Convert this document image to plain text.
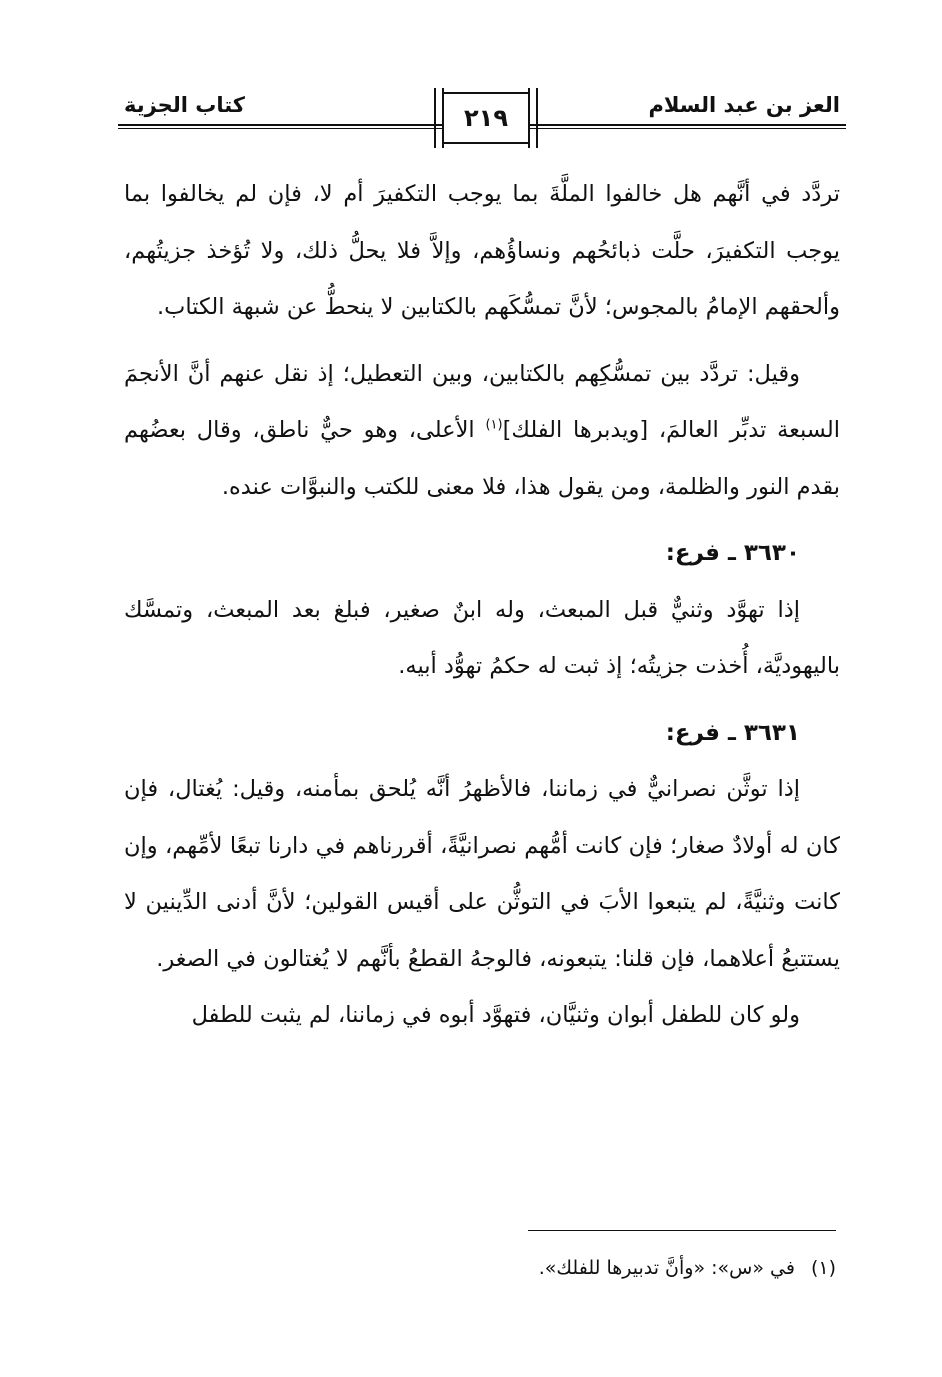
العز بن عبد السلام
كتاب الجزية	٢١٩

تردَّد في أنَّهم هل خالفوا الملَّةَ بما يوجب التكفيرَ أم لا، فإن لم يخالفوا بما يوجب التكفيرَ، حلَّت ذبائحُهم ونساؤُهم، وإلاَّ فلا يحلُّ ذلك، ولا تُؤخذ جزيتُهم، وألحقهم الإمامُ بالمجوس؛ لأنَّ تمسُّكَهم بالكتابين لا ينحطُّ عن شبهة الكتاب.

وقيل: تردَّد بين تمسُّكِهم بالكتابين، وبين التعطيل؛ إذ نقل عنهم أنَّ الأنجمَ السبعة تدبِّر العالمَ، [ويدبرها الفلك]$^{(١)}$ الأعلى، وهو حيٌّ ناطق، وقال بعضُهم بقدم النور والظلمة، ومن يقول هذا، فلا معنى للكتب والنبوَّات عنده.

٣٦٣٠ ـ فرع:

إذا تهوَّد وثنيٌّ قبل المبعث، وله ابنٌ صغير، فبلغ بعد المبعث، وتمسَّك باليهوديَّة، أُخذت جزيتُه؛ إذ ثبت له حكمُ تهوُّد أبيه.

٣٦٣١ ـ فرع:

إذا توثَّن نصرانيٌّ في زماننا، فالأظهرُ أنَّه يُلحق بمأمنه، وقيل: يُغتال، فإن كان له أولادٌ صغار؛ فإن كانت أمُّهم نصرانيَّةً، أقررناهم في دارنا تبعًا لأمِّهم، وإن كانت وثنيَّةً، لم يتبعوا الأبَ في التوثُّن على أقيس القولين؛ لأنَّ أدنى الدِّينين لا يستتبعُ أعلاهما، فإن قلنا: يتبعونه، فالوجهُ القطعُ بأنَّهم لا يُغتالون في الصغر.

ولو كان للطفل أبوان وثنيَّان، فتهوَّد أبوه في زماننا، لم يثبت للطفل

(١)في «س»: «وأنَّ تدبيرها للفلك».
